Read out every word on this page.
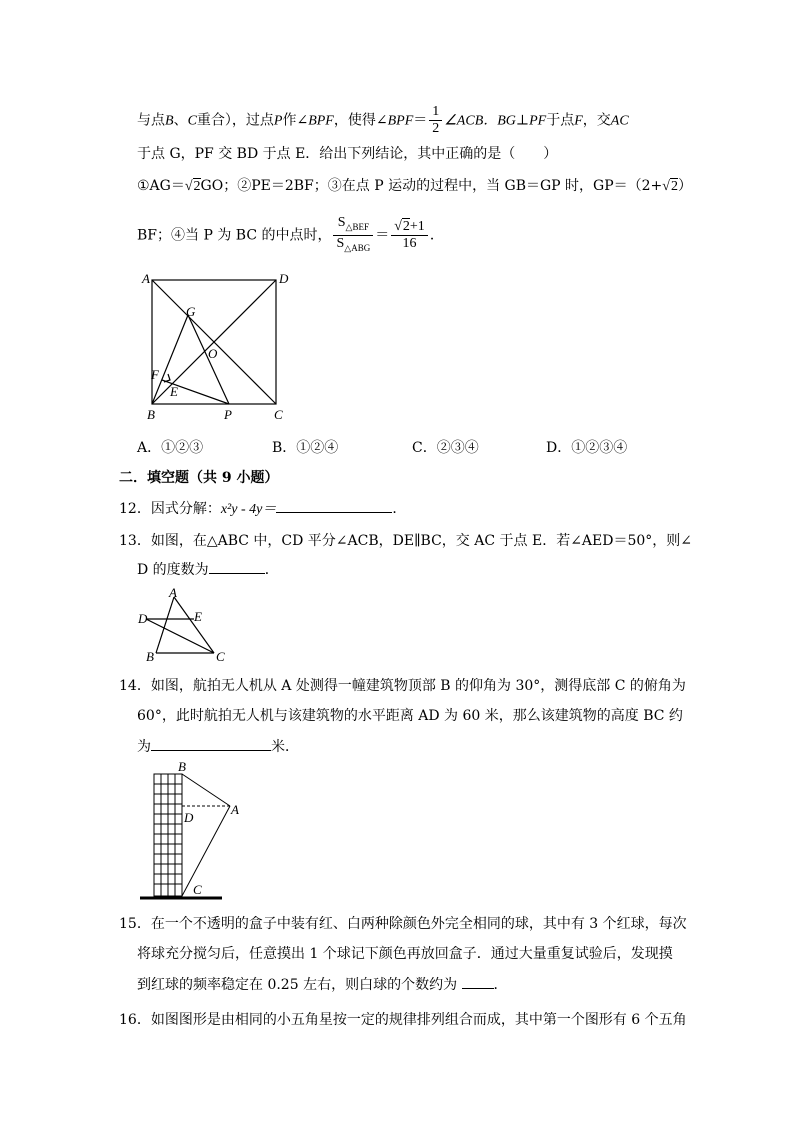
与点B、C重合），过点P作∠BPF，使得∠BPF＝ $\frac{1}{2}$ ∠ACB．BG⊥PF于点F，交AC
于点 G，PF 交 BD 于点 E．给出下列结论，其中正确的是（　　）
①AG＝√2GO；②PE＝2BF；③在点 P 运动的过程中，当 GB＝GP 时，GP＝（2+√2）
BF；④当 P 为 BC 的中点时， $\frac{S_{\triangle BEF}}{S_{\triangle ABG}} = \frac{√2+1}{16}$ ．
A	D
G
O
F
E
B	P	C
A．①②③	B．①②④	C．②③④	D．①②③④
二．填空题（共 9 小题）
12．因式分解：x²y - 4y＝	．
13．如图，在△ABC 中，CD 平分∠ACB，DE∥BC，交 AC 于点 E．若∠AED＝50°，则∠
D 的度数为	．
A
D	E
B	C
14．如图，航拍无人机从 A 处测得一幢建筑物顶部 B 的仰角为 30°，测得底部 C 的俯角为
60°，此时航拍无人机与该建筑物的水平距离 AD 为 60 米，那么该建筑物的高度 BC 约
为	米．
B
D
A
C
15．在一个不透明的盒子中装有红、白两种除颜色外完全相同的球，其中有 3 个红球，每次
将球充分搅匀后，任意摸出 1 个球记下颜色再放回盒子．通过大量重复试验后，发现摸
到红球的频率稳定在 0.25 左右，则白球的个数约为 ．
16．如图图形是由相同的小五角星按一定的规律排列组合而成，其中第一个图形有 6 个五角
